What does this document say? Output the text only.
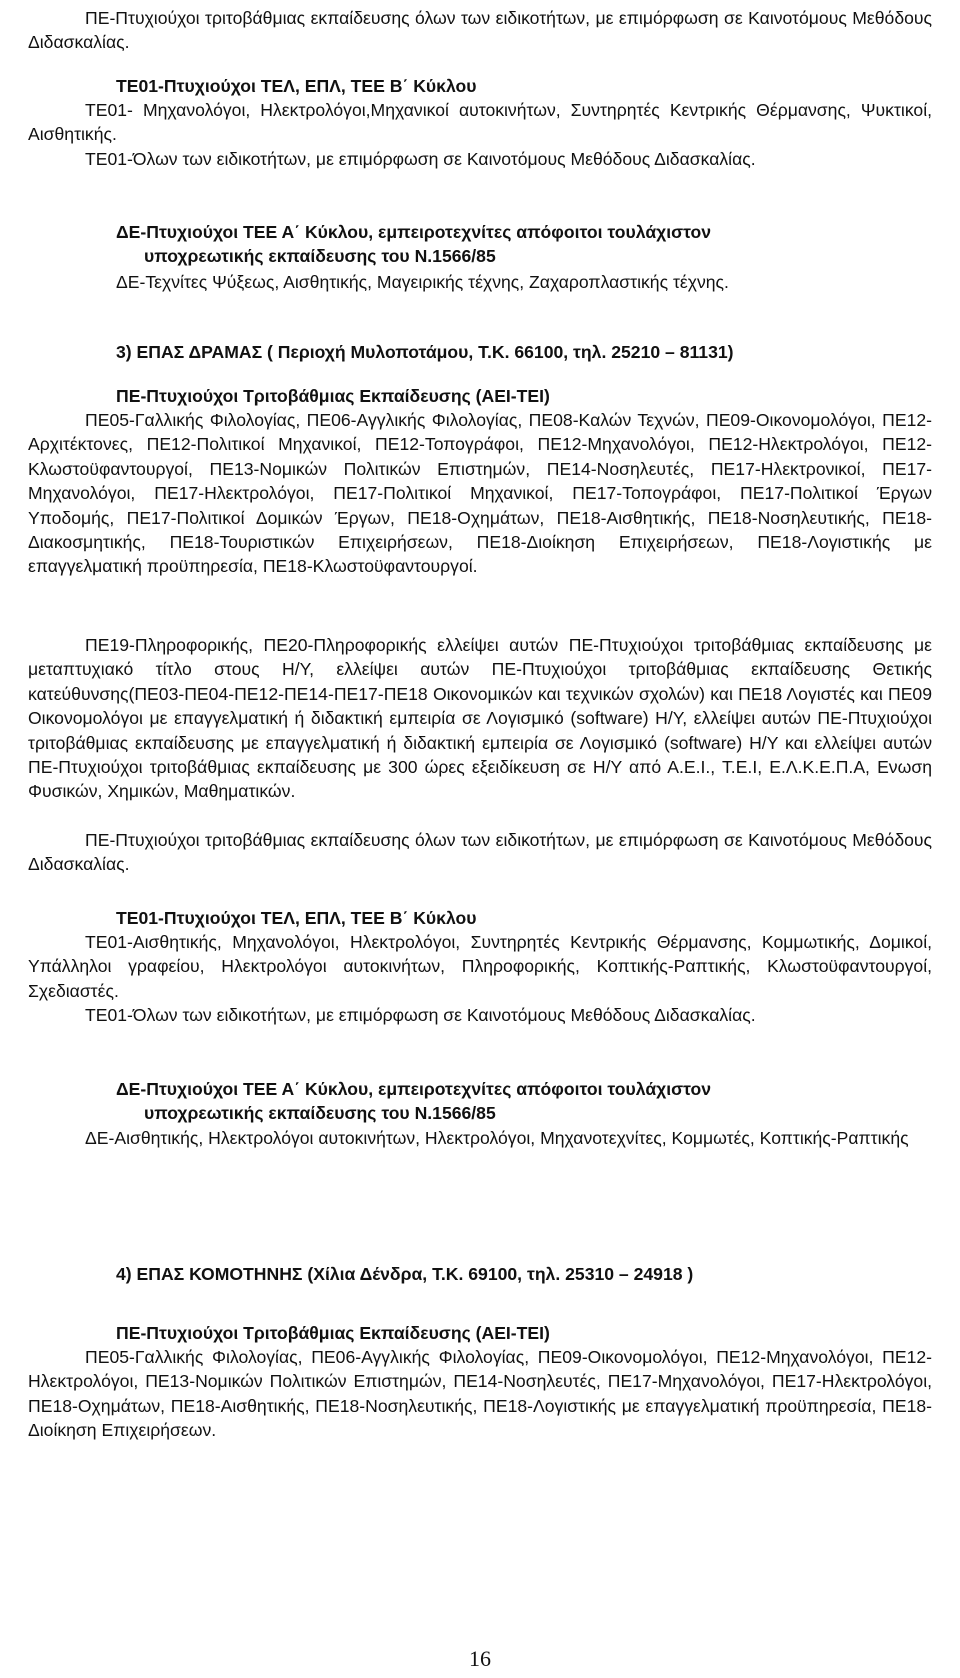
ΠΕ-Πτυχιούχοι τριτοβάθμιας εκπαίδευσης όλων των ειδικοτήτων, με επιμόρφωση σε Καινοτόμους Μεθόδους Διδασκαλίας.

ΤΕ01-Πτυχιούχοι ΤΕΛ, ΕΠΛ, ΤΕΕ Β΄ Κύκλου

ΤΕ01- Μηχανολόγοι, Ηλεκτρολόγοι,Μηχανικοί αυτοκινήτων, Συντηρητές Κεντρικής Θέρμανσης, Ψυκτικοί, Αισθητικής.

ΤΕ01-Όλων των ειδικοτήτων, με επιμόρφωση σε Καινοτόμους Μεθόδους Διδασκαλίας.

ΔΕ-Πτυχιούχοι ΤΕΕ Α΄ Κύκλου, εμπειροτεχνίτες απόφοιτοι τουλάχιστον
υποχρεωτικής εκπαίδευσης του Ν.1566/85

ΔΕ-Τεχνίτες Ψύξεως, Αισθητικής, Μαγειρικής τέχνης, Ζαχαροπλαστικής τέχνης.

3) ΕΠΑΣ ΔΡΑΜΑΣ ( Περιοχή Μυλοποτάμου, Τ.Κ. 66100, τηλ. 25210 – 81131)

ΠΕ-Πτυχιούχοι Τριτοβάθμιας Εκπαίδευσης (ΑΕΙ-ΤΕΙ)

ΠΕ05-Γαλλικής Φιλολογίας, ΠΕ06-Αγγλικής Φιλολογίας, ΠΕ08-Καλών Τεχνών, ΠΕ09-Οικονομολόγοι, ΠΕ12-Αρχιτέκτονες, ΠΕ12-Πολιτικοί Μηχανικοί, ΠΕ12-Τοπογράφοι, ΠΕ12-Μηχανολόγοι, ΠΕ12-Ηλεκτρολόγοι, ΠΕ12-Κλωστοϋφαντουργοί, ΠΕ13-Νομικών Πολιτικών Επιστημών, ΠΕ14-Νοσηλευτές, ΠΕ17-Ηλεκτρονικοί, ΠΕ17-Μηχανολόγοι, ΠΕ17-Ηλεκτρολόγοι, ΠΕ17-Πολιτικοί Μηχανικοί, ΠΕ17-Τοπογράφοι, ΠΕ17-Πολιτικοί Έργων Υποδομής, ΠΕ17-Πολιτικοί Δομικών Έργων, ΠΕ18-Οχημάτων, ΠΕ18-Αισθητικής, ΠΕ18-Νοσηλευτικής, ΠΕ18-Διακοσμητικής, ΠΕ18-Τουριστικών Επιχειρήσεων, ΠΕ18-Διοίκηση Επιχειρήσεων, ΠΕ18-Λογιστικής με επαγγελματική προϋπηρεσία, ΠΕ18-Κλωστοϋφαντουργοί.

ΠΕ19-Πληροφορικής, ΠΕ20-Πληροφορικής ελλείψει αυτών ΠΕ-Πτυχιούχοι τριτοβάθμιας εκπαίδευσης με μεταπτυχιακό τίτλο στους Η/Υ, ελλείψει αυτών ΠΕ-Πτυχιούχοι τριτοβάθμιας εκπαίδευσης Θετικής κατεύθυνσης(ΠΕ03-ΠΕ04-ΠΕ12-ΠΕ14-ΠΕ17-ΠΕ18 Οικονομικών και τεχνικών σχολών) και ΠΕ18 Λογιστές και ΠΕ09 Οικονομολόγοι με επαγγελματική ή διδακτική εμπειρία σε Λογισμικό (software) Η/Υ, ελλείψει αυτών ΠΕ-Πτυχιούχοι τριτοβάθμιας εκπαίδευσης με επαγγελματική ή διδακτική εμπειρία σε Λογισμικό (software) Η/Υ και ελλείψει αυτών ΠΕ-Πτυχιούχοι τριτοβάθμιας εκπαίδευσης με 300 ώρες εξειδίκευση σε Η/Υ από Α.Ε.Ι., Τ.Ε.Ι, Ε.Λ.Κ.Ε.Π.Α, Ενωση Φυσικών, Χημικών, Μαθηματικών.

ΠΕ-Πτυχιούχοι τριτοβάθμιας εκπαίδευσης όλων των ειδικοτήτων, με επιμόρφωση σε Καινοτόμους Μεθόδους Διδασκαλίας.

ΤΕ01-Πτυχιούχοι ΤΕΛ, ΕΠΛ, ΤΕΕ Β΄ Κύκλου

ΤΕ01-Αισθητικής, Μηχανολόγοι, Ηλεκτρολόγοι, Συντηρητές Κεντρικής Θέρμανσης, Κομμωτικής, Δομικοί, Υπάλληλοι γραφείου, Ηλεκτρολόγοι αυτοκινήτων, Πληροφορικής, Κοπτικής-Ραπτικής, Κλωστοϋφαντουργοί, Σχεδιαστές.

ΤΕ01-Όλων των ειδικοτήτων, με επιμόρφωση σε Καινοτόμους Μεθόδους Διδασκαλίας.

ΔΕ-Πτυχιούχοι ΤΕΕ Α΄ Κύκλου, εμπειροτεχνίτες απόφοιτοι τουλάχιστον
υποχρεωτικής εκπαίδευσης του Ν.1566/85

ΔΕ-Αισθητικής, Ηλεκτρολόγοι αυτοκινήτων, Ηλεκτρολόγοι, Μηχανοτεχνίτες, Κομμωτές, Κοπτικής-Ραπτικής

4) ΕΠΑΣ ΚΟΜΟΤΗΝΗΣ (Χίλια Δένδρα, Τ.Κ. 69100, τηλ. 25310 – 24918 )

ΠΕ-Πτυχιούχοι Τριτοβάθμιας Εκπαίδευσης (ΑΕΙ-ΤΕΙ)

ΠΕ05-Γαλλικής Φιλολογίας, ΠΕ06-Αγγλικής Φιλολογίας, ΠΕ09-Οικονομολόγοι, ΠΕ12-Μηχανολόγοι, ΠΕ12-Ηλεκτρολόγοι, ΠΕ13-Νομικών Πολιτικών Επιστημών, ΠΕ14-Νοσηλευτές, ΠΕ17-Μηχανολόγοι, ΠΕ17-Ηλεκτρολόγοι, ΠΕ18-Οχημάτων, ΠΕ18-Αισθητικής, ΠΕ18-Νοσηλευτικής, ΠΕ18-Λογιστικής με επαγγελματική προϋπηρεσία, ΠΕ18-Διοίκηση Επιχειρήσεων.

16
